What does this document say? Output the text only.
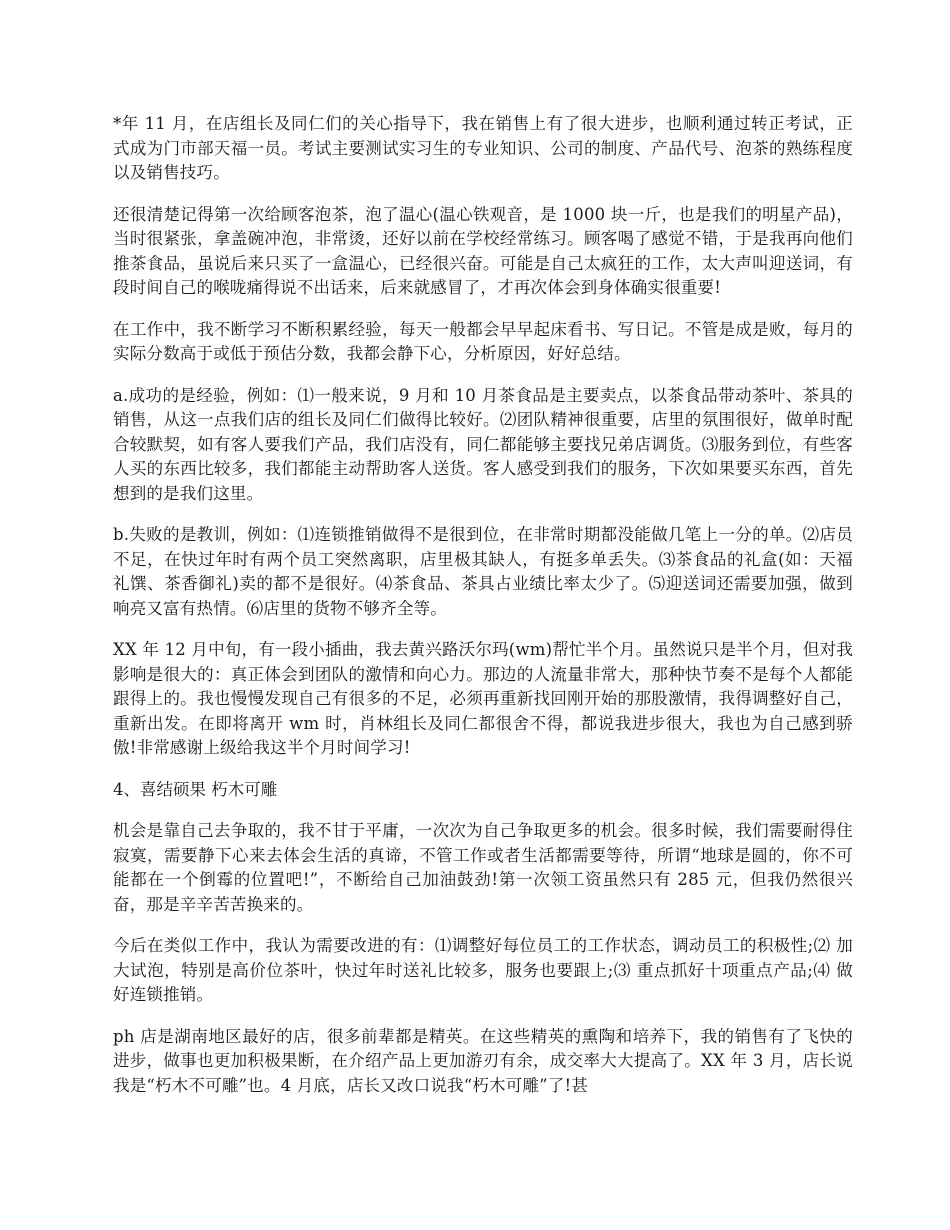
*年 11 月，在店组长及同仁们的关心指导下，我在销售上有了很大进步，也顺利通过转正考试，正式成为门市部天福一员。考试主要测试实习生的专业知识、公司的制度、产品代号、泡茶的熟练程度以及销售技巧。

还很清楚记得第一次给顾客泡茶，泡了温心(温心铁观音，是 1000 块一斤，也是我们的明星产品)，当时很紧张，拿盖碗冲泡，非常烫，还好以前在学校经常练习。顾客喝了感觉不错，于是我再向他们推茶食品，虽说后来只买了一盒温心，已经很兴奋。可能是自己太疯狂的工作，太大声叫迎送词，有段时间自己的喉咙痛得说不出话来，后来就感冒了，才再次体会到身体确实很重要!

在工作中，我不断学习不断积累经验，每天一般都会早早起床看书、写日记。不管是成是败，每月的实际分数高于或低于预估分数，我都会静下心，分析原因，好好总结。

a.成功的是经验，例如：⑴一般来说，9 月和 10 月茶食品是主要卖点，以茶食品带动茶叶、茶具的销售，从这一点我们店的组长及同仁们做得比较好。⑵团队精神很重要，店里的氛围很好，做单时配合较默契，如有客人要我们产品，我们店没有，同仁都能够主要找兄弟店调货。⑶服务到位，有些客人买的东西比较多，我们都能主动帮助客人送货。客人感受到我们的服务，下次如果要买东西，首先想到的是我们这里。

b.失败的是教训，例如：⑴连锁推销做得不是很到位，在非常时期都没能做几笔上一分的单。⑵店员不足，在快过年时有两个员工突然离职，店里极其缺人，有挺多单丢失。⑶茶食品的礼盒(如：天福礼馔、茶香御礼)卖的都不是很好。⑷茶食品、茶具占业绩比率太少了。⑸迎送词还需要加强，做到响亮又富有热情。⑹店里的货物不够齐全等。

XX 年 12 月中旬，有一段小插曲，我去黄兴路沃尔玛(wm)帮忙半个月。虽然说只是半个月，但对我影响是很大的：真正体会到团队的激情和向心力。那边的人流量非常大，那种快节奏不是每个人都能跟得上的。我也慢慢发现自己有很多的不足，必须再重新找回刚开始的那股激情，我得调整好自己，重新出发。在即将离开 wm 时，肖林组长及同仁都很舍不得，都说我进步很大，我也为自己感到骄傲!非常感谢上级给我这半个月时间学习!

4、喜结硕果 朽木可雕

机会是靠自己去争取的，我不甘于平庸，一次次为自己争取更多的机会。很多时候，我们需要耐得住寂寞，需要静下心来去体会生活的真谛，不管工作或者生活都需要等待，所谓“地球是圆的，你不可能都在一个倒霉的位置吧!”，不断给自己加油鼓劲!第一次领工资虽然只有 285 元，但我仍然很兴奋，那是辛辛苦苦换来的。

今后在类似工作中，我认为需要改进的有：⑴调整好每位员工的工作状态，调动员工的积极性;⑵ 加大试泡，特别是高价位茶叶，快过年时送礼比较多，服务也要跟上;⑶ 重点抓好十项重点产品;⑷ 做好连锁推销。

ph 店是湖南地区最好的店，很多前辈都是精英。在这些精英的熏陶和培养下，我的销售有了飞快的进步，做事也更加积极果断，在介绍产品上更加游刃有余，成交率大大提高了。XX 年 3 月，店长说我是“朽木不可雕”也。4 月底，店长又改口说我“朽木可雕”了!甚
